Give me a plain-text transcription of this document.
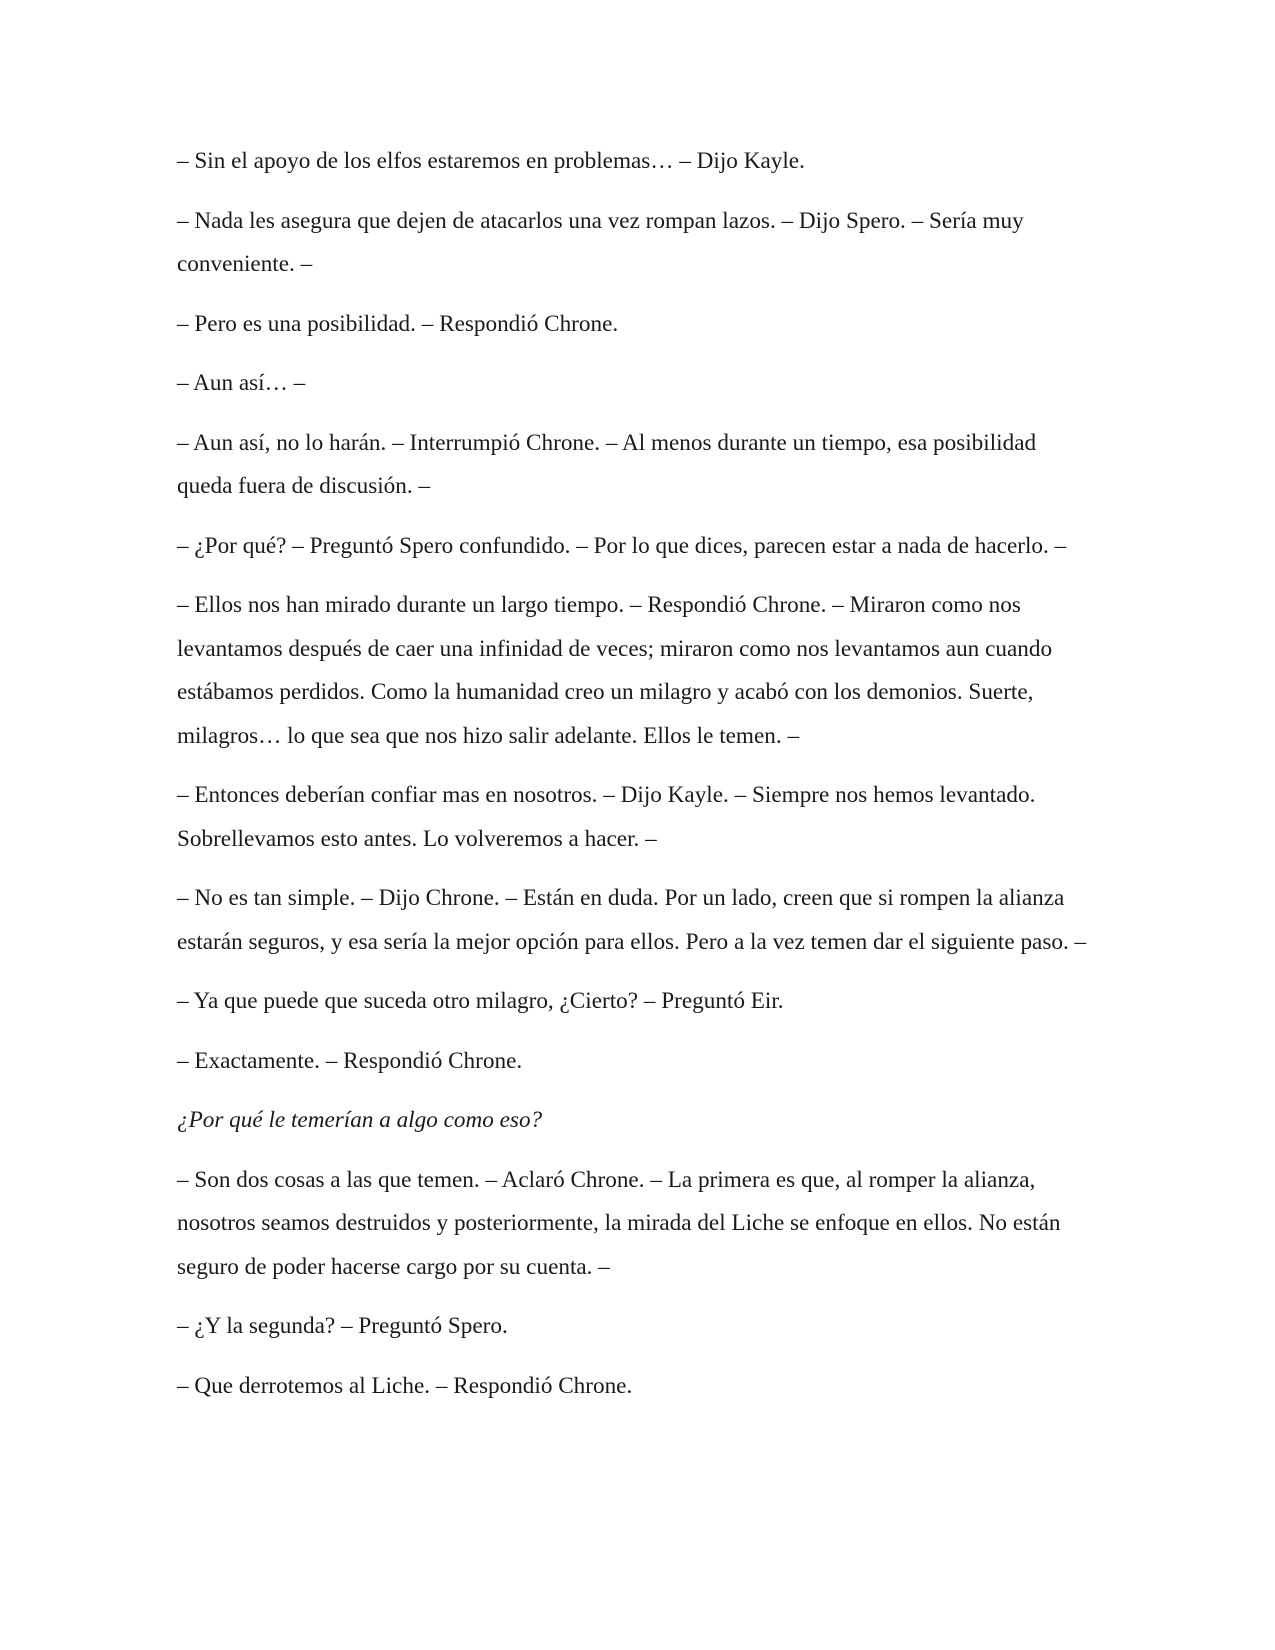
– Sin el apoyo de los elfos estaremos en problemas… – Dijo Kayle.

– Nada les asegura que dejen de atacarlos una vez rompan lazos. – Dijo Spero. – Sería muy conveniente. –

– Pero es una posibilidad. – Respondió Chrone.

– Aun así… –

– Aun así, no lo harán. – Interrumpió Chrone. – Al menos durante un tiempo, esa posibilidad queda fuera de discusión. –

– ¿Por qué? – Preguntó Spero confundido. – Por lo que dices, parecen estar a nada de hacerlo. –

– Ellos nos han mirado durante un largo tiempo. – Respondió Chrone. – Miraron como nos levantamos después de caer una infinidad de veces; miraron como nos levantamos aun cuando estábamos perdidos. Como la humanidad creo un milagro y acabó con los demonios. Suerte, milagros… lo que sea que nos hizo salir adelante. Ellos le temen. –

– Entonces deberían confiar mas en nosotros. – Dijo Kayle. – Siempre nos hemos levantado. Sobrellevamos esto antes. Lo volveremos a hacer. –

– No es tan simple. – Dijo Chrone. – Están en duda. Por un lado, creen que si rompen la alianza estarán seguros, y esa sería la mejor opción para ellos. Pero a la vez temen dar el siguiente paso. –

– Ya que puede que suceda otro milagro, ¿Cierto? – Preguntó Eir.

– Exactamente. – Respondió Chrone.

¿Por qué le temerían a algo como eso?

– Son dos cosas a las que temen. – Aclaró Chrone. – La primera es que, al romper la alianza, nosotros seamos destruidos y posteriormente, la mirada del Liche se enfoque en ellos. No están seguro de poder hacerse cargo por su cuenta. –

– ¿Y la segunda? – Preguntó Spero.

– Que derrotemos al Liche. – Respondió Chrone.
